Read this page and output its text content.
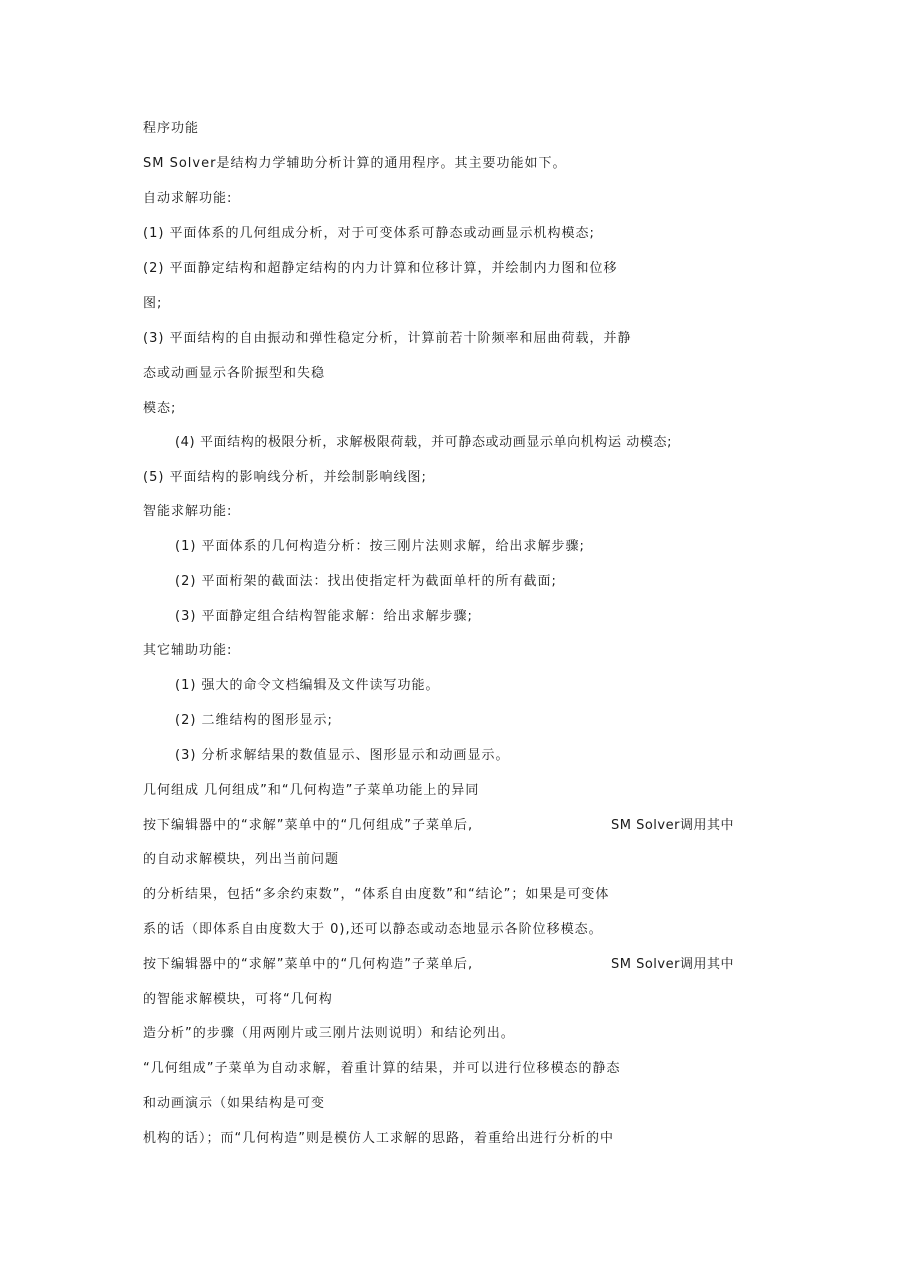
程序功能
SM Solver是结构力学辅助分析计算的通用程序。其主要功能如下。
自动求解功能:
(1) 平面体系的几何组成分析，对于可变体系可静态或动画显示机构模态;
(2) 平面静定结构和超静定结构的内力计算和位移计算，并绘制内力图和位移
图;
(3) 平面结构的自由振动和弹性稳定分析，计算前若十阶频率和屈曲荷载，并静
态或动画显示各阶振型和失稳
模态;
(4) 平面结构的极限分析，求解极限荷载，并可静态或动画显示单向机构运 动模态;
(5) 平面结构的影响线分析，并绘制影响线图;
智能求解功能:
(1) 平面体系的几何构造分析：按三刚片法则求解，给出求解步骤;
(2) 平面桁架的截面法：找出使指定杆为截面单杆的所有截面;
(3) 平面静定组合结构智能求解：给出求解步骤;
其它辅助功能:
(1) 强大的命令文档编辑及文件读写功能。
(2) 二维结构的图形显示;
(3) 分析求解结果的数值显示、图形显示和动画显示。
几何组成 几何组成”和“几何构造”子菜单功能上的异同
按下编辑器中的“求解”菜单中的“几何组成”子菜单后,	SM Solver调用其中
的自动求解模块，列出当前问题
的分析结果，包括“多余约束数”，“体系自由度数”和“结论”；如果是可变体
系的话（即体系自由度数大于 0),还可以静态或动态地显示各阶位移模态。
按下编辑器中的“求解”菜单中的“几何构造”子菜单后,	SM Solver调用其中
的智能求解模块，可将“几何构
造分析”的步骤（用两刚片或三刚片法则说明）和结论列出。
“几何组成”子菜单为自动求解，着重计算的结果，并可以进行位移模态的静态
和动画演示（如果结构是可变
机构的话）；而“几何构造”则是模仿人工求解的思路，着重给出进行分析的中
